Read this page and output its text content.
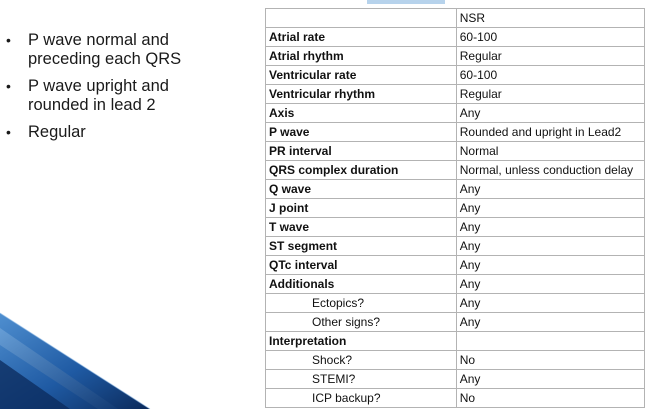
• P wave normal and preceding each QRS
• P wave upright and rounded in lead 2
• Regular
	NSR
Atrial rate	60-100
Atrial rhythm	Regular
Ventricular rate	60-100
Ventricular rhythm	Regular
Axis	Any
P wave	Rounded and upright in Lead2
PR interval	Normal
QRS complex duration	Normal, unless conduction delay
Q wave	Any
J point	Any
T wave	Any
ST segment	Any
QTc interval	Any
Additionals	Any
Ectopics?	Any
Other signs?	Any
Interpretation	
Shock?	No
STEMI?	Any
ICP backup?	No
